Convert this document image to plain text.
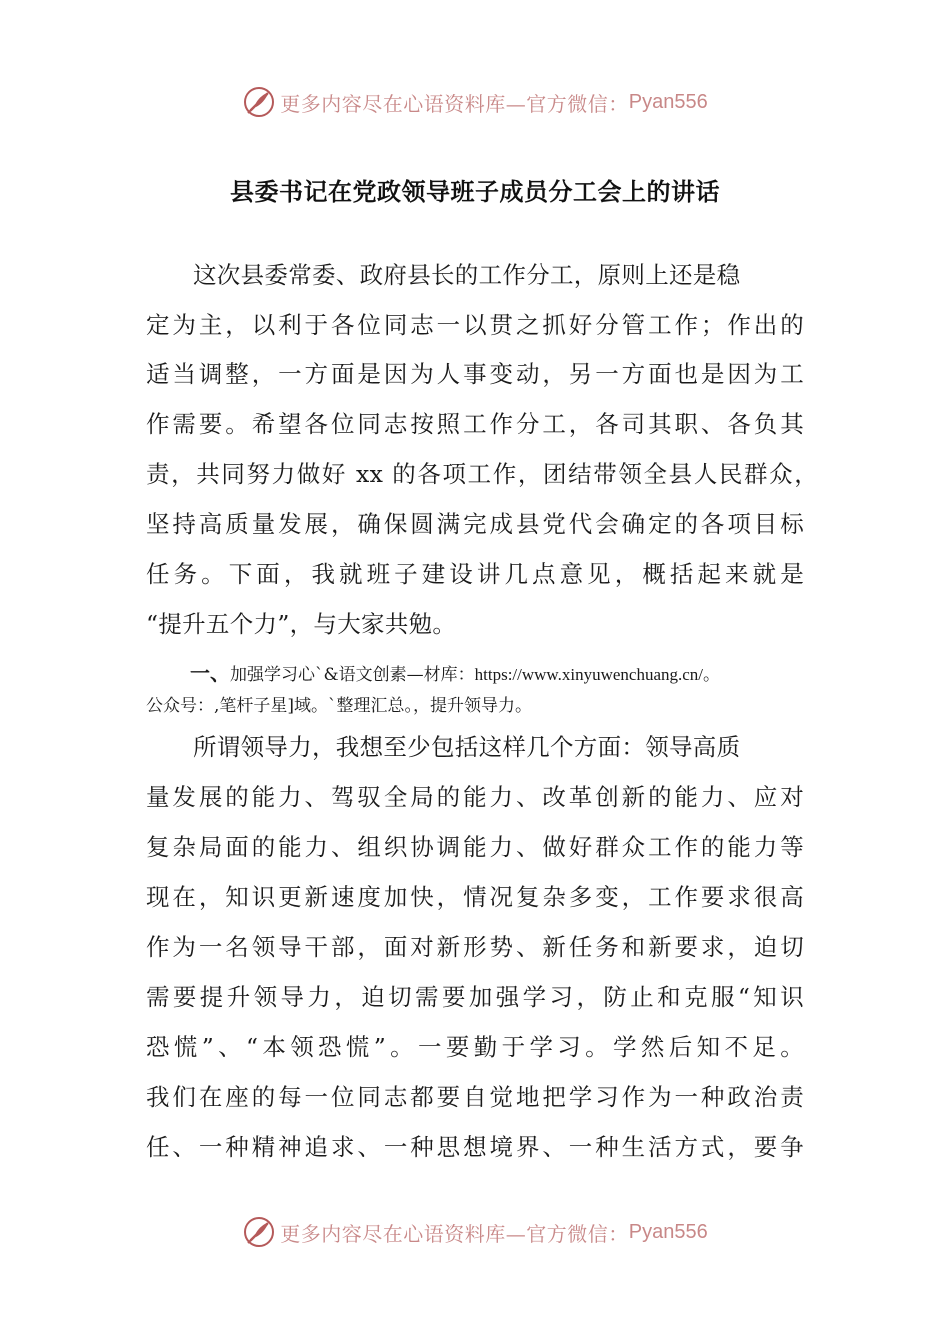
更多内容尽在心语资料库—官方微信： Pyan556
县委书记在党政领导班子成员分工会上的讲话
这次县委常委、政府县长的工作分工，原则上还是稳
定为主，以利于各位同志一以贯之抓好分管工作；作出的
适当调整，一方面是因为人事变动，另一方面也是因为工
作需要。希望各位同志按照工作分工，各司其职、各负其
责，共同努力做好 xx 的各项工作，团结带领全县人民群众，
坚持高质量发展，确保圆满完成县党代会确定的各项目标
任务。下面，我就班子建设讲几点意见，概括起来就是
“提升五个力”，与大家共勉。
一、加强学习心`&语文创素—材库：https://www.xinyuwenchuang.cn/。
公众号：,笔杆子星]域。`整理汇总。，提升领导力。
所谓领导力，我想至少包括这样几个方面：领导高质
量发展的能力、驾驭全局的能力、改革创新的能力、应对
复杂局面的能力、组织协调能力、做好群众工作的能力等
现在，知识更新速度加快，情况复杂多变，工作要求很高
作为一名领导干部，面对新形势、新任务和新要求，迫切
需要提升领导力，迫切需要加强学习，防止和克服“知识
恐慌”、“本领恐慌”。一要勤于学习。学然后知不足。
我们在座的每一位同志都要自觉地把学习作为一种政治责
任、一种精神追求、一种思想境界、一种生活方式，要争
更多内容尽在心语资料库—官方微信： Pyan556
